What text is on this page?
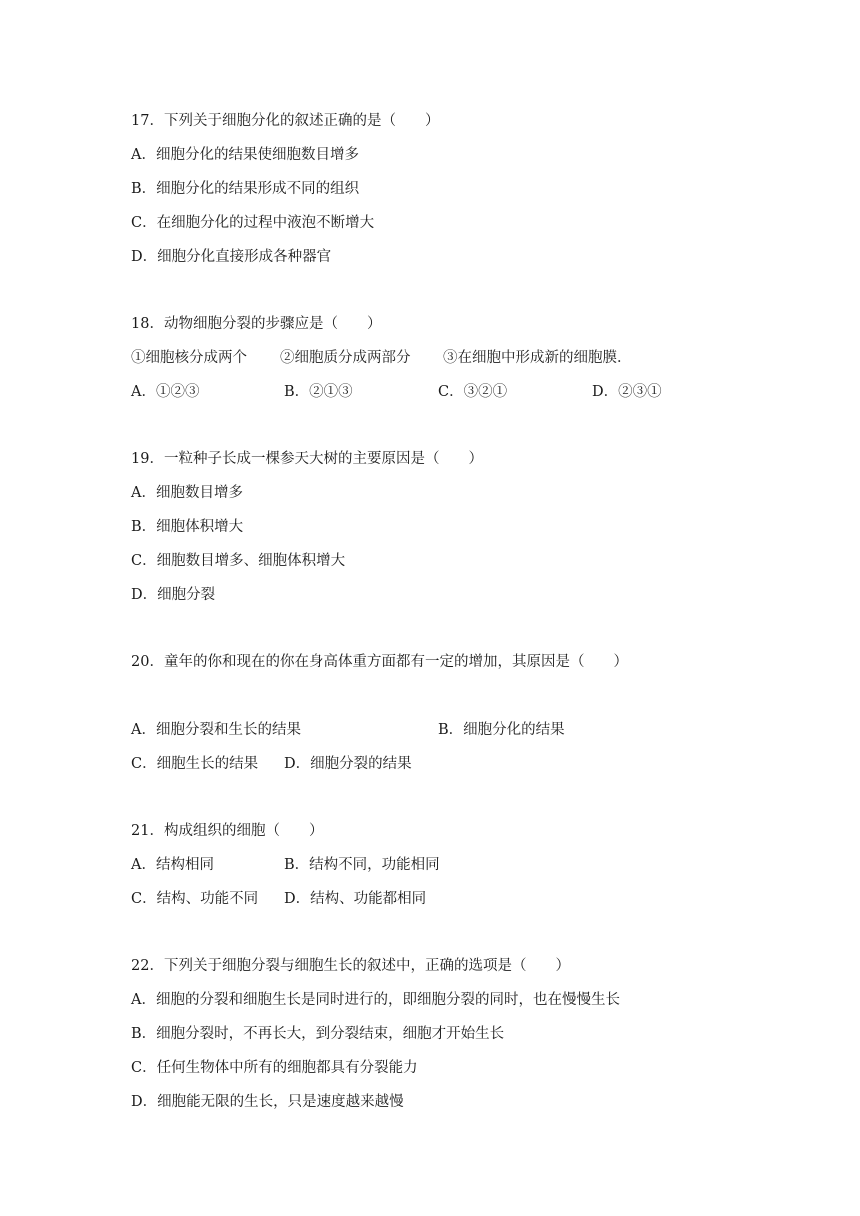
17．下列关于细胞分化的叙述正确的是（　　）
A．细胞分化的结果使细胞数目增多
B．细胞分化的结果形成不同的组织
C．在细胞分化的过程中液泡不断增大
D．细胞分化直接形成各种器官
18．动物细胞分裂的步骤应是（　　）
①细胞核分成两个 ②细胞质分成两部分 ③在细胞中形成新的细胞膜．
A．①②③	B．②①③	C．③②①	D．②③①
19．一粒种子长成一棵参天大树的主要原因是（　　）
A．细胞数目增多
B．细胞体积增大
C．细胞数目增多、细胞体积增大
D．细胞分裂
20．童年的你和现在的你在身高体重方面都有一定的增加，其原因是（　　）
A．细胞分裂和生长的结果	B．细胞分化的结果
C．细胞生长的结果 D．细胞分裂的结果
21．构成组织的细胞（　　）
A．结构相同	B．结构不同，功能相同
C．结构、功能不同 D．结构、功能都相同
22．下列关于细胞分裂与细胞生长的叙述中，正确的选项是（　　）
A．细胞的分裂和细胞生长是同时进行的，即细胞分裂的同时，也在慢慢生长
B．细胞分裂时，不再长大，到分裂结束，细胞才开始生长
C．任何生物体中所有的细胞都具有分裂能力
D．细胞能无限的生长，只是速度越来越慢
